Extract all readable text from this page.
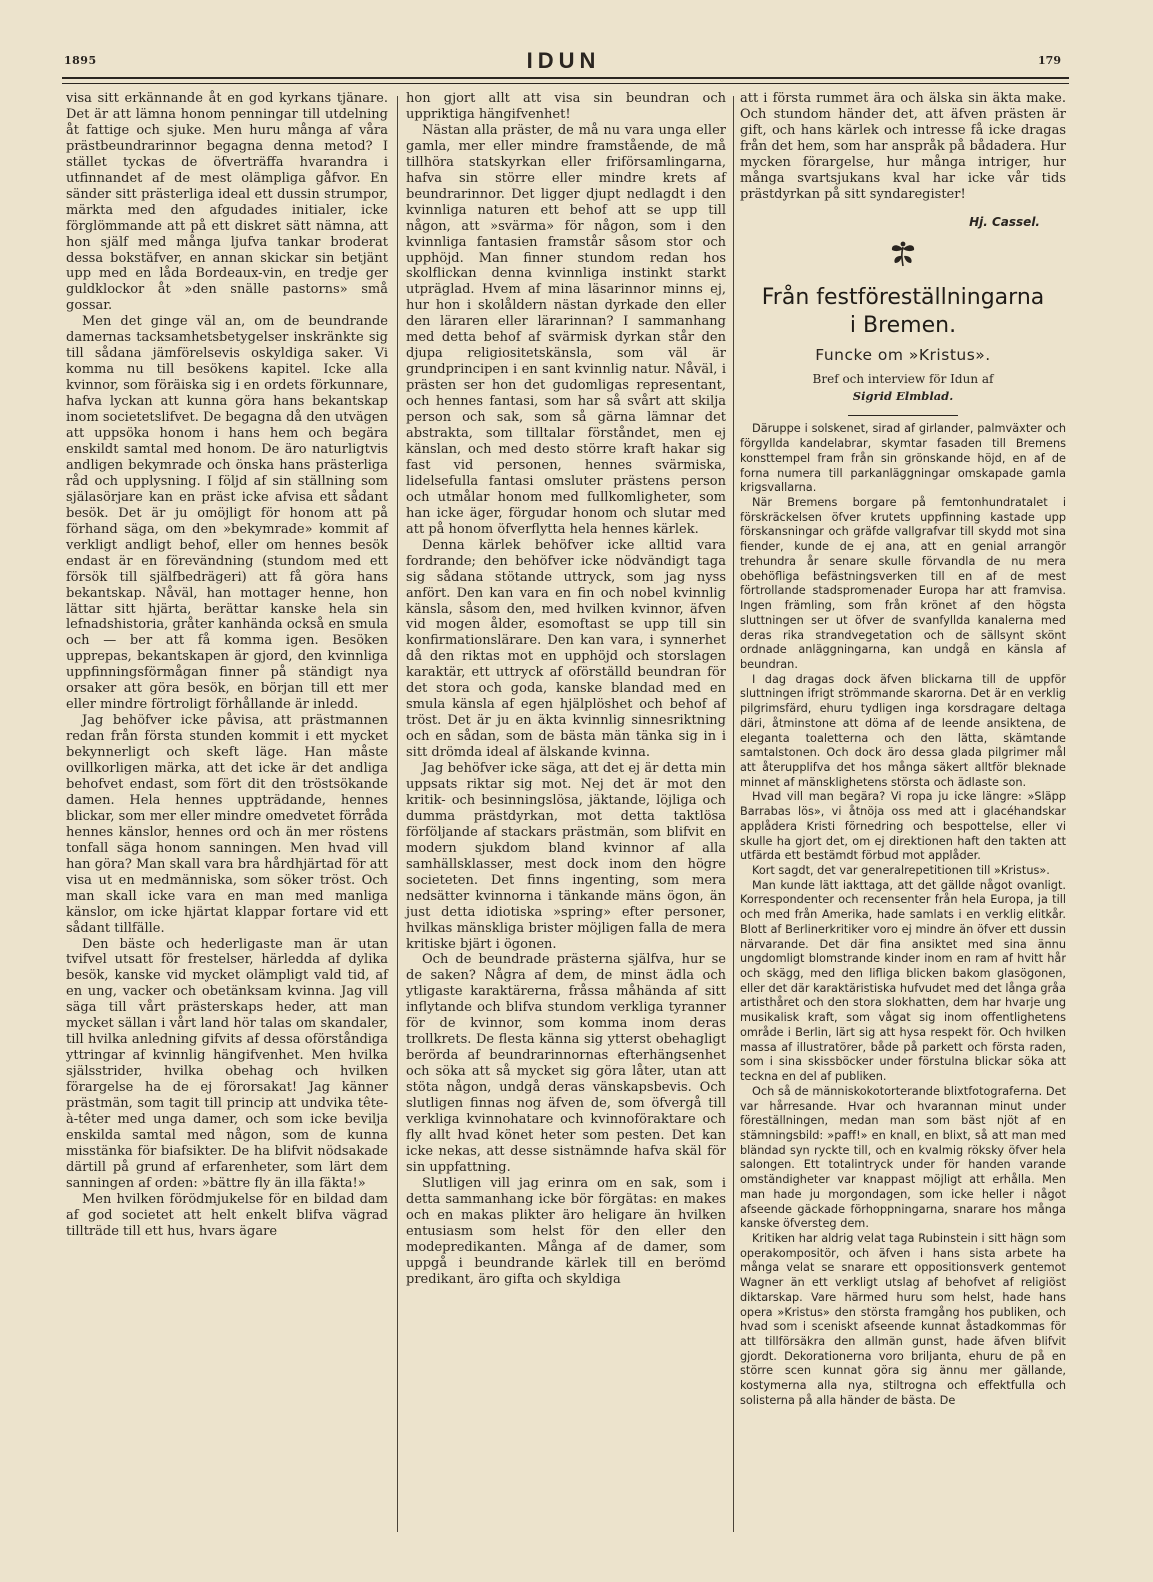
1895	IDUN	179

visa sitt erkännande åt en god kyrkans tjänare. Det är att lämna honom penningar till utdelning åt fattige och sjuke. Men huru många af våra prästbeundrarinnor begagna denna metod? I stället tyckas de öfverträffa hvarandra i utfinnandet af de mest olämpliga gåfvor. En sänder sitt prästerliga ideal ett dussin strumpor, märkta med den afgudades initialer, icke förglömmande att på ett diskret sätt nämna, att hon själf med många ljufva tankar broderat dessa bokstäfver, en annan skickar sin betjänt upp med en låda Bordeaux-vin, en tredje ger guldklockor åt »den snälle pastorns» små gossar.

Men det ginge väl an, om de beundrande damernas tacksamhetsbetygelser inskränkte sig till sådana jämförelsevis oskyldiga saker. Vi komma nu till besökens kapitel. Icke alla kvinnor, som föräiska sig i en ordets förkunnare, hafva lyckan att kunna göra hans bekantskap inom societetslifvet. De begagna då den utvägen att uppsöka honom i hans hem och begära enskildt samtal med honom. De äro naturligtvis andligen bekymrade och önska hans prästerliga råd och upplysning. I följd af sin ställning som själasörjare kan en präst icke afvisa ett sådant besök. Det är ju omöjligt för honom att på förhand säga, om den »bekymrade» kommit af verkligt andligt behof, eller om hennes besök endast är en förevändning (stundom med ett försök till själfbedrägeri) att få göra hans bekantskap. Nåväl, han mottager henne, hon lättar sitt hjärta, berättar kanske hela sin lefnadshistoria, gråter kanhända också en smula och — ber att få komma igen. Besöken upprepas, bekantskapen är gjord, den kvinnliga uppfinningsförmågan finner på ständigt nya orsaker att göra besök, en början till ett mer eller mindre förtroligt förhållande är inledd.

Jag behöfver icke påvisa, att prästmannen redan från första stunden kommit i ett mycket bekynnerligt och skeft läge. Han måste ovillkorligen märka, att det icke är det andliga behofvet endast, som fört dit den tröstsökande damen. Hela hennes uppträdande, hennes blickar, som mer eller mindre omedvetet förråda hennes känslor, hennes ord och än mer röstens tonfall säga honom sanningen. Men hvad vill han göra? Man skall vara bra hårdhjärtad för att visa ut en medmänniska, som söker tröst. Och man skall icke vara en man med manliga känslor, om icke hjärtat klappar fortare vid ett sådant tillfälle.

Den bäste och hederligaste man är utan tvifvel utsatt för frestelser, härledda af dylika besök, kanske vid mycket olämpligt vald tid, af en ung, vacker och obetänksam kvinna. Jag vill säga till vårt prästerskaps heder, att man mycket sällan i vårt land hör talas om skandaler, till hvilka anledning gifvits af dessa oförståndiga yttringar af kvinnlig hängifvenhet. Men hvilka själsstrider, hvilka obehag och hvilken förargelse ha de ej förorsakat! Jag känner prästmän, som tagit till princip att undvika tête-à-têter med unga damer, och som icke bevilja enskilda samtal med någon, som de kunna misstänka för biafsikter. De ha blifvit nödsakade därtill på grund af erfarenheter, som lärt dem sanningen af orden: »bättre fly än illa fäkta!»

Men hvilken förödmjukelse för en bildad dam af god societet att helt enkelt blifva vägrad tillträde till ett hus, hvars ägare

hon gjort allt att visa sin beundran och uppriktiga hängifvenhet!

Nästan alla präster, de må nu vara unga eller gamla, mer eller mindre framstående, de må tillhöra statskyrkan eller friförsamlingarna, hafva sin större eller mindre krets af beundrarinnor. Det ligger djupt nedlagdt i den kvinnliga naturen ett behof att se upp till någon, att »svärma» för någon, som i den kvinnliga fantasien framstår såsom stor och upphöjd. Man finner stundom redan hos skolflickan denna kvinnliga instinkt starkt utpräglad. Hvem af mina läsarinnor minns ej, hur hon i skolåldern nästan dyrkade den eller den läraren eller lärarinnan? I sammanhang med detta behof af svärmisk dyrkan står den djupa religiositetskänsla, som väl är grundprincipen i en sant kvinnlig natur. Nåväl, i prästen ser hon det gudomligas representant, och hennes fantasi, som har så svårt att skilja person och sak, som så gärna lämnar det abstrakta, som tilltalar förståndet, men ej känslan, och med desto större kraft hakar sig fast vid personen, hennes svärmiska, lidelsefulla fantasi omsluter prästens person och utmålar honom med fullkomligheter, som han icke äger, förgudar honom och slutar med att på honom öfverflytta hela hennes kärlek.

Denna kärlek behöfver icke alltid vara fordrande; den behöfver icke nödvändigt taga sig sådana stötande uttryck, som jag nyss anfört. Den kan vara en fin och nobel kvinnlig känsla, såsom den, med hvilken kvinnor, äfven vid mogen ålder, esomoftast se upp till sin konfirmationslärare. Den kan vara, i synnerhet då den riktas mot en upphöjd och storslagen karaktär, ett uttryck af oförställd beundran för det stora och goda, kanske blandad med en smula känsla af egen hjälplöshet och behof af tröst. Det är ju en äkta kvinnlig sinnesriktning och en sådan, som de bästa män tänka sig in i sitt drömda ideal af älskande kvinna.

Jag behöfver icke säga, att det ej är detta min uppsats riktar sig mot. Nej det är mot den kritik- och besinningslösa, jäktande, löjliga och dumma prästdyrkan, mot detta taktlösa förföljande af stackars prästmän, som blifvit en modern sjukdom bland kvinnor af alla samhällsklasser, mest dock inom den högre societeten. Det finns ingenting, som mera nedsätter kvinnorna i tänkande mäns ögon, än just detta idiotiska »spring» efter personer, hvilkas mänskliga brister möjligen falla de mera kritiske bjärt i ögonen.

Och de beundrade prästerna själfva, hur se de saken? Några af dem, de minst ädla och ytligaste karaktärerna, fråssa måhända af sitt inflytande och blifva stundom verkliga tyranner för de kvinnor, som komma inom deras trollkrets. De flesta känna sig ytterst obehagligt berörda af beundrarinnornas efterhängsenhet och söka att så mycket sig göra låter, utan att stöta någon, undgå deras vänskapsbevis. Och slutligen finnas nog äfven de, som öfvergå till verkliga kvinnohatare och kvinnoföraktare och fly allt hvad könet heter som pesten. Det kan icke nekas, att desse sistnämnde hafva skäl för sin uppfattning.

Slutligen vill jag erinra om en sak, som i detta sammanhang icke bör förgätas: en makes och en makas plikter äro heligare än hvilken entusiasm som helst för den eller den modepredikanten. Många af de damer, som uppgå i beundrande kärlek till en berömd predikant, äro gifta och skyldiga

att i första rummet ära och älska sin äkta make. Och stundom händer det, att äfven prästen är gift, och hans kärlek och intresse få icke dragas från det hem, som har anspråk på bådadera. Hur mycken förargelse, hur många intriger, hur många svartsjukans kval har icke vår tids prästdyrkan på sitt syndaregister!

Hj. Cassel.
Från festföreställningarna
i Bremen.
Funcke om »Kristus».
Bref och interview för Idun af
Sigrid Elmblad.

Däruppe i solskenet, sirad af girlander, palmväxter och förgyllda kandelabrar, skymtar fasaden till Bremens konsttempel fram från sin grönskande höjd, en af de forna numera till parkanläggningar omskapade gamla krigsvallarna.

När Bremens borgare på femtonhundratalet i förskräckelsen öfver krutets uppfinning kastade upp förskansningar och gräfde vallgrafvar till skydd mot sina fiender, kunde de ej ana, att en genial arrangör trehundra år senare skulle förvandla de nu mera obehöfliga befästningsverken till en af de mest förtrollande stadspromenader Europa har att framvisa. Ingen främling, som från krönet af den högsta sluttningen ser ut öfver de svanfyllda kanalerna med deras rika strandvegetation och de sällsynt skönt ordnade anläggningarna, kan undgå en känsla af beundran.

I dag dragas dock äfven blickarna till de uppför sluttningen ifrigt strömmande skarorna. Det är en verklig pilgrimsfärd, ehuru tydligen inga korsdragare deltaga däri, åtminstone att döma af de leende ansiktena, de eleganta toaletterna och den lätta, skämtande samtalstonen. Och dock äro dessa glada pilgrimer mål att återupplifva det hos många säkert alltför bleknade minnet af mänsklighetens största och ädlaste son.

Hvad vill man begära? Vi ropa ju icke längre: »Släpp Barrabas lös», vi åtnöja oss med att i glacéhandskar applådera Kristi förnedring och bespottelse, eller vi skulle ha gjort det, om ej direktionen haft den takten att utfärda ett bestämdt förbud mot applåder.

Kort sagdt, det var generalrepetitionen till »Kristus».

Man kunde lätt iakttaga, att det gällde något ovanligt. Korrespondenter och recensenter från hela Europa, ja till och med från Amerika, hade samlats i en verklig elitkår. Blott af Berlinerkritiker voro ej mindre än öfver ett dussin närvarande. Det där fina ansiktet med sina ännu ungdomligt blomstrande kinder inom en ram af hvitt hår och skägg, med den lifliga blicken bakom glasögonen, eller det där karaktäristiska hufvudet med det långa gråa artisthåret och den stora slokhatten, dem har hvarje ung musikalisk kraft, som vågat sig inom offentlighetens område i Berlin, lärt sig att hysa respekt för. Och hvilken massa af illustratörer, både på parkett och första raden, som i sina skissböcker under förstulna blickar söka att teckna en del af publiken.

Och så de människokotorterande blixtfotograferna. Det var hårresande. Hvar och hvarannan minut under föreställningen, medan man som bäst njöt af en stämningsbild: »paff!» en knall, en blixt, så att man med bländad syn ryckte till, och en kvalmig röksky öfver hela salongen. Ett totalintryck under för handen varande omständigheter var knappast möjligt att erhålla. Men man hade ju morgondagen, som icke heller i något afseende gäckade förhoppningarna, snarare hos många kanske öfversteg dem.

Kritiken har aldrig velat taga Rubinstein i sitt hägn som operakompositör, och äfven i hans sista arbete ha många velat se snarare ett oppositionsverk gentemot Wagner än ett verkligt utslag af behofvet af religiöst diktarskap. Vare härmed huru som helst, hade hans opera »Kristus» den största framgång hos publiken, och hvad som i sceniskt afseende kunnat åstadkommas för att tillförsäkra den allmän gunst, hade äfven blifvit gjordt. Dekorationerna voro briljanta, ehuru de på en större scen kunnat göra sig ännu mer gällande, kostymerna alla nya, stiltrogna och effektfulla och solisterna på alla händer de bästa. De
